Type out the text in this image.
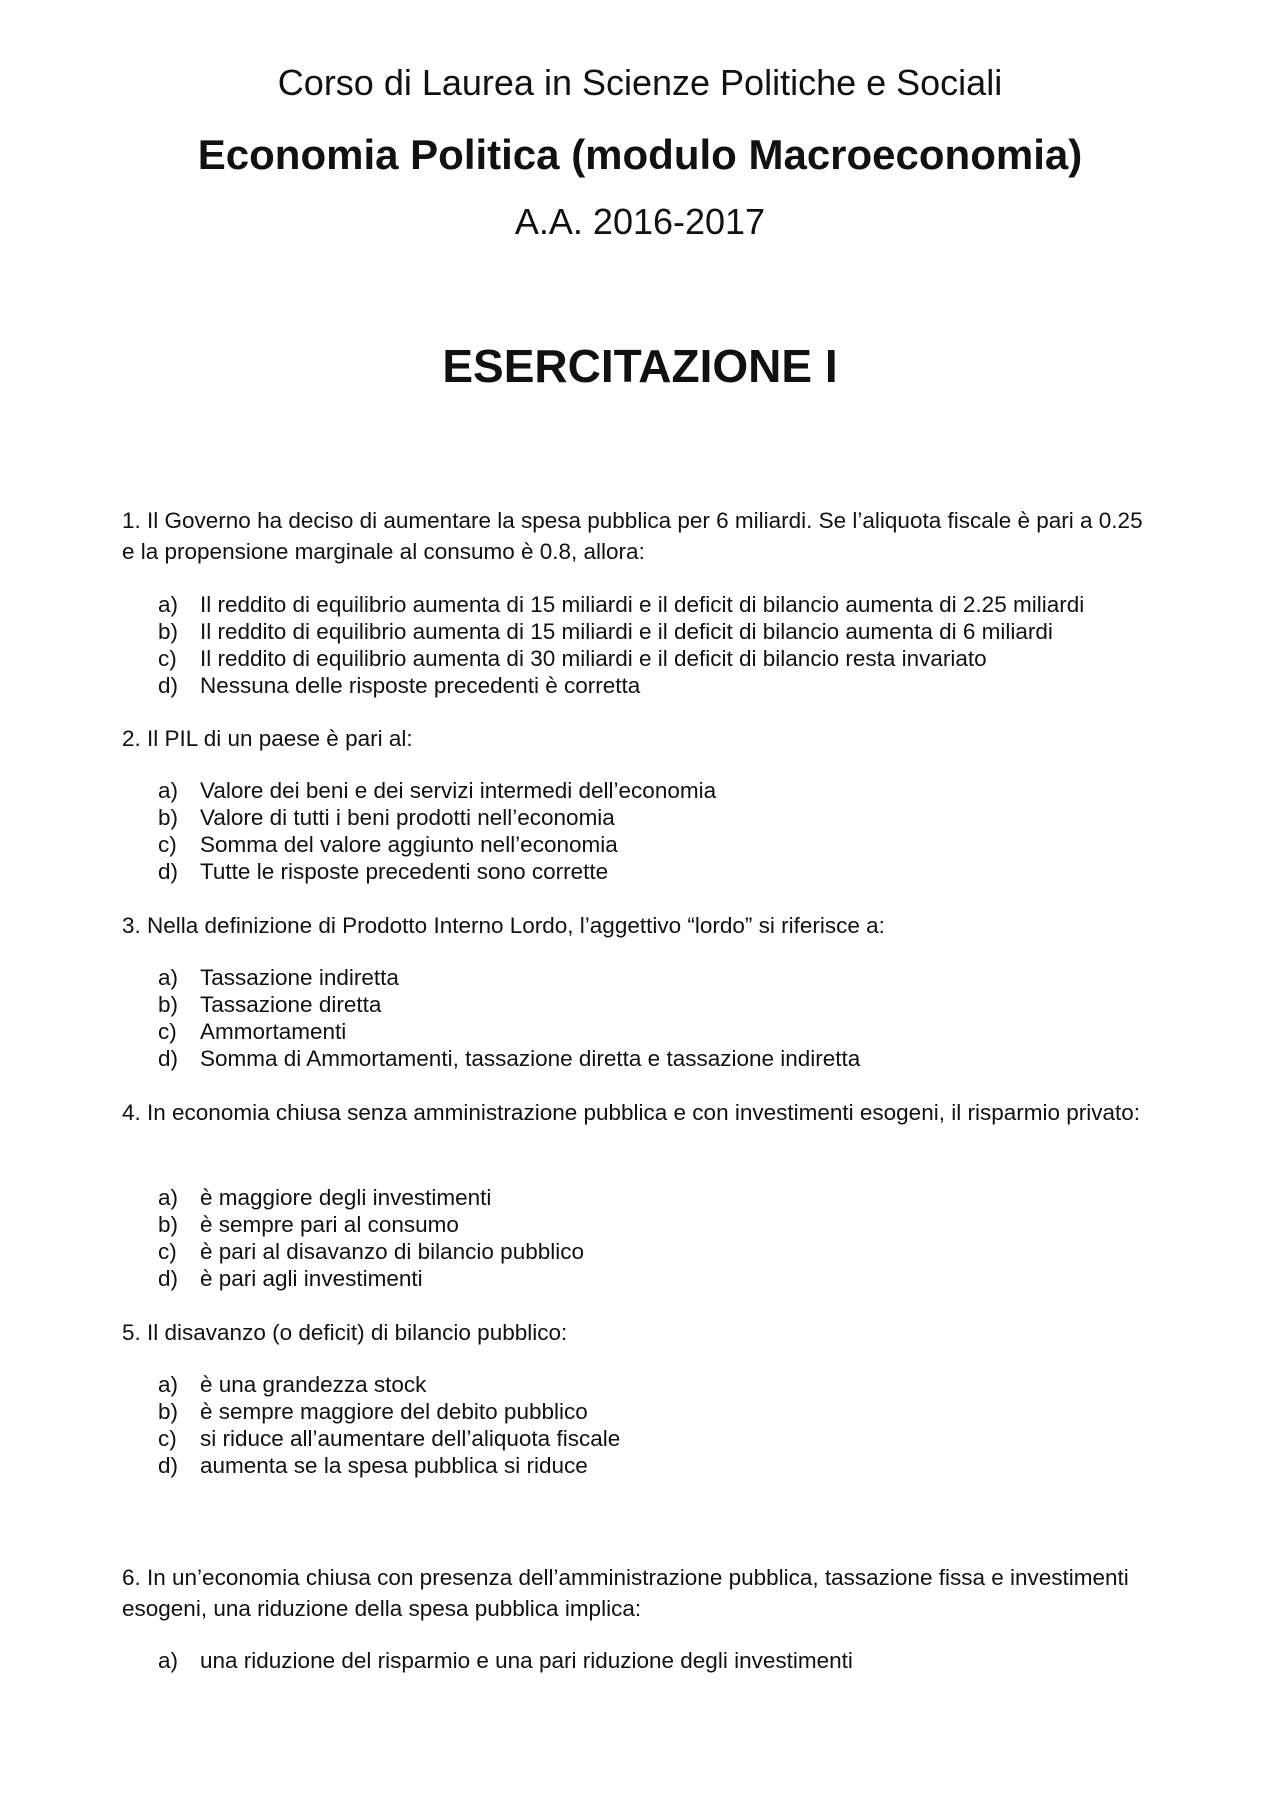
Corso di Laurea in Scienze Politiche e Sociali
Economia Politica (modulo Macroeconomia)
A.A. 2016-2017
ESERCITAZIONE I
1. Il Governo ha deciso di aumentare la spesa pubblica per 6 miliardi. Se l’aliquota fiscale è pari a 0.25 e la propensione marginale al consumo è 0.8, allora:
a) Il reddito di equilibrio aumenta di 15 miliardi e il deficit di bilancio aumenta di 2.25 miliardi
b) Il reddito di equilibrio aumenta di 15 miliardi e il deficit di bilancio aumenta di 6 miliardi
c)	Il reddito di equilibrio aumenta di 30 miliardi e il deficit di bilancio resta invariato
d) Nessuna delle risposte precedenti è corretta
2. Il PIL di un paese è pari al:
a) Valore dei beni e dei servizi intermedi dell’economia
b) Valore di tutti i beni prodotti nell’economia
c)	Somma del valore aggiunto nell’economia
d) Tutte le risposte precedenti sono corrette
3. Nella definizione di Prodotto Interno Lordo, l’aggettivo “lordo” si riferisce a:
a) Tassazione indiretta
b) Tassazione diretta
c)	Ammortamenti
d) Somma di Ammortamenti, tassazione diretta e tassazione indiretta
4. In economia chiusa senza amministrazione pubblica e con investimenti esogeni, il risparmio privato:
a) è maggiore degli investimenti
b) è sempre pari al consumo
c)	è pari al disavanzo di bilancio pubblico
d) è pari agli investimenti
5. Il disavanzo (o deficit) di bilancio pubblico:
a) è una grandezza stock
b) è sempre maggiore del debito pubblico
c)	si riduce all’aumentare dell’aliquota fiscale
d) aumenta se la spesa pubblica si riduce
6. In un’economia chiusa con presenza dell’amministrazione pubblica, tassazione fissa e investimenti esogeni, una riduzione della spesa pubblica implica:
a) una riduzione del risparmio e una pari riduzione degli investimenti
